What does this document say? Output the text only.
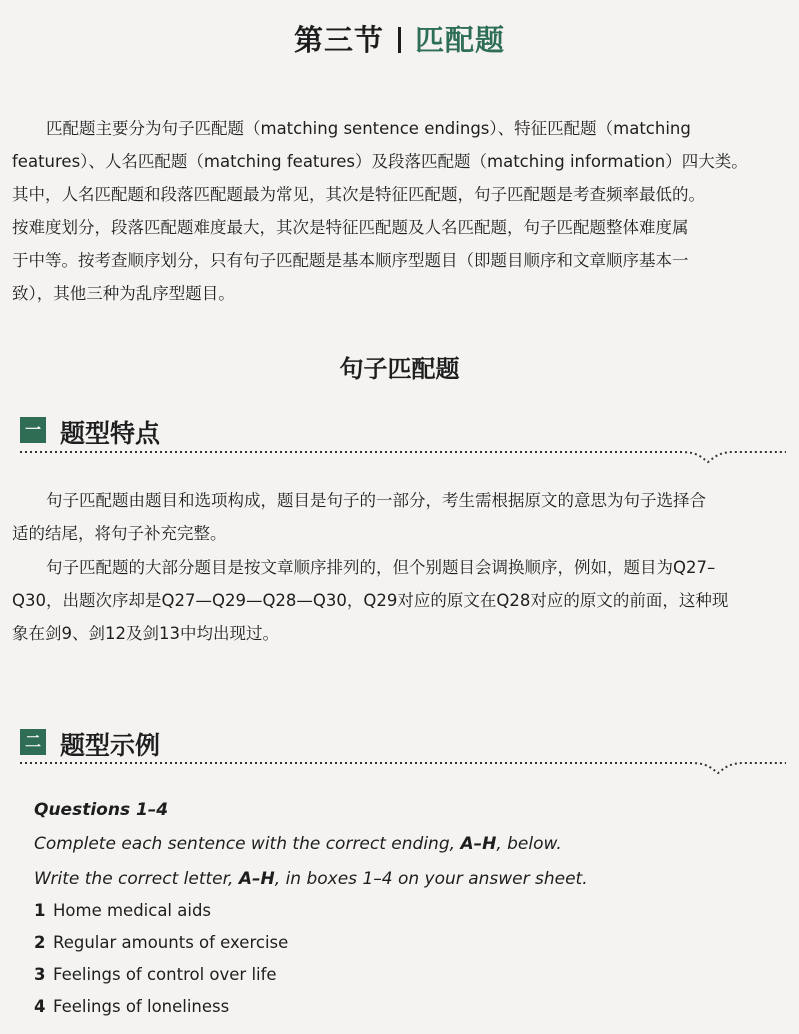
第三节 匹配题
匹配题主要分为句子匹配题（matching sentence endings）、特征匹配题（matching
features）、人名匹配题（matching features）及段落匹配题（matching information）四大类。
其中，人名匹配题和段落匹配题最为常见，其次是特征匹配题，句子匹配题是考查频率最低的。
按难度划分，段落匹配题难度最大，其次是特征匹配题及人名匹配题，句子匹配题整体难度属
于中等。按考查顺序划分，只有句子匹配题是基本顺序型题目（即题目顺序和文章顺序基本一
致），其他三种为乱序型题目。
句子匹配题
一 题型特点
句子匹配题由题目和选项构成，题目是句子的一部分，考生需根据原文的意思为句子选择合
适的结尾，将句子补充完整。
句子匹配题的大部分题目是按文章顺序排列的，但个别题目会调换顺序，例如，题目为Q27–
Q30，出题次序却是Q27—Q29—Q28—Q30，Q29对应的原文在Q28对应的原文的前面，这种现
象在剑9、剑12及剑13中均出现过。
二 题型示例
Questions 1–4
Complete each sentence with the correct ending, A–H, below.
Write the correct letter, A–H, in boxes 1–4 on your answer sheet.
1 Home medical aids
2 Regular amounts of exercise
3 Feelings of control over life
4 Feelings of loneliness
